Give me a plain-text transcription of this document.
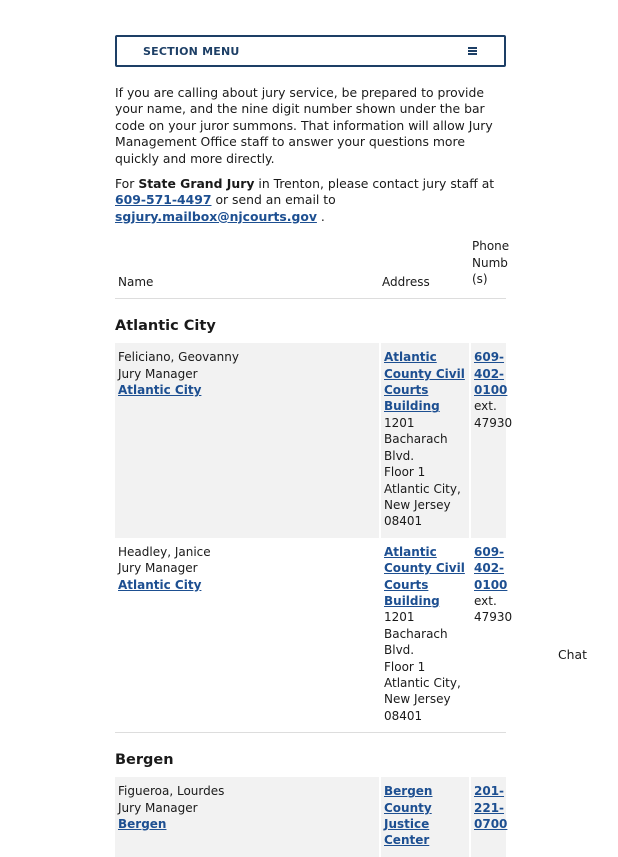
SECTION MENU

If you are calling about jury service, be prepared to provide your name, and the nine digit number shown under the bar code on your juror summons. That information will allow Jury Management Office staff to answer your questions more quickly and more directly.

For State Grand Jury in Trenton, please contact jury staff at 609-571-4497 or send an email to sgjury.mailbox@njcourts.gov .

Name	Address
Phone Numb (s)
Atlantic City
Feliciano, Geovanny
Jury Manager
Atlantic City
Atlantic County Civil Courts Building
1201 Bacharach Blvd.
Floor 1
Atlantic City, New Jersey
08401
609-402-0100
ext. 47930
Headley, Janice
Jury Manager
Atlantic City
Atlantic County Civil Courts Building
1201 Bacharach Blvd.
Floor 1
Atlantic City, New Jersey
08401
609-402-0100
ext. 47930
Bergen
Figueroa, Lourdes
Jury Manager
Bergen
Bergen County Justice Center
201-221-0700
Chat
